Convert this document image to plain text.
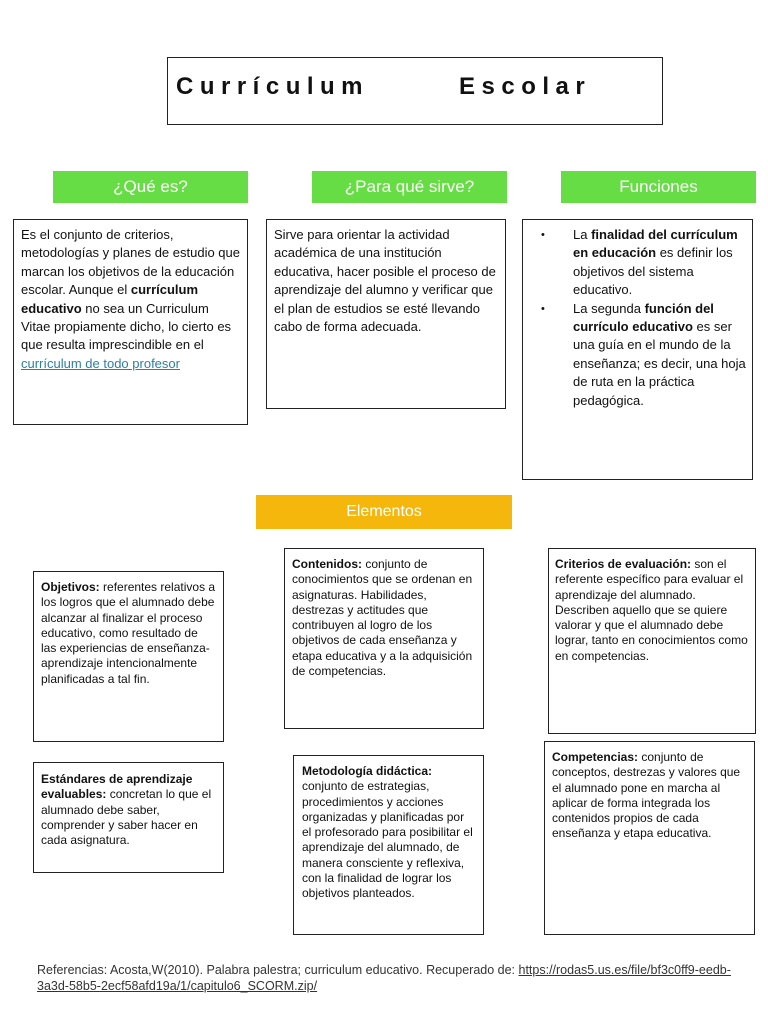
Currículum	Escolar
¿Qué es?	¿Para qué sirve?	Funciones
Es el conjunto de criterios, metodologías y planes de estudio que marcan los objetivos de la educación escolar. Aunque el currículum educativo no sea un Curriculum Vitae propiamente dicho, lo cierto es que resulta imprescindible en el currículum de todo profesor
Sirve para orientar la actividad académica de una institución educativa, hacer posible el proceso de aprendizaje del alumno y verificar que el plan de estudios se esté llevando cabo de forma adecuada.
• La finalidad del currículum en educación es definir los objetivos del sistema educativo.
• La segunda función del currículo educativo es ser una guía en el mundo de la enseñanza; es decir, una hoja de ruta en la práctica pedagógica.
Elementos
Objetivos: referentes relativos a los logros que el alumnado debe alcanzar al finalizar el proceso educativo, como resultado de las experiencias de enseñanza-aprendizaje intencionalmente planificadas a tal fin.
Estándares de aprendizaje evaluables: concretan lo que el alumnado debe saber, comprender y saber hacer en cada asignatura.
Contenidos: conjunto de conocimientos que se ordenan en asignaturas. Habilidades, destrezas y actitudes que contribuyen al logro de los objetivos de cada enseñanza y etapa educativa y a la adquisición de competencias.
Metodología didáctica: conjunto de estrategias, procedimientos y acciones organizadas y planificadas por el profesorado para posibilitar el aprendizaje del alumnado, de manera consciente y reflexiva, con la finalidad de lograr los objetivos planteados.
Criterios de evaluación: son el referente específico para evaluar el aprendizaje del alumnado. Describen aquello que se quiere valorar y que el alumnado debe lograr, tanto en conocimientos como en competencias.
Competencias: conjunto de conceptos, destrezas y valores que el alumnado pone en marcha al aplicar de forma integrada los contenidos propios de cada enseñanza y etapa educativa.
Referencias: Acosta,W(2010). Palabra palestra; curriculum educativo. Recuperado de: https://rodas5.us.es/file/bf3c0ff9-eedb-3a3d-58b5-2ecf58afd19a/1/capitulo6_SCORM.zip/
